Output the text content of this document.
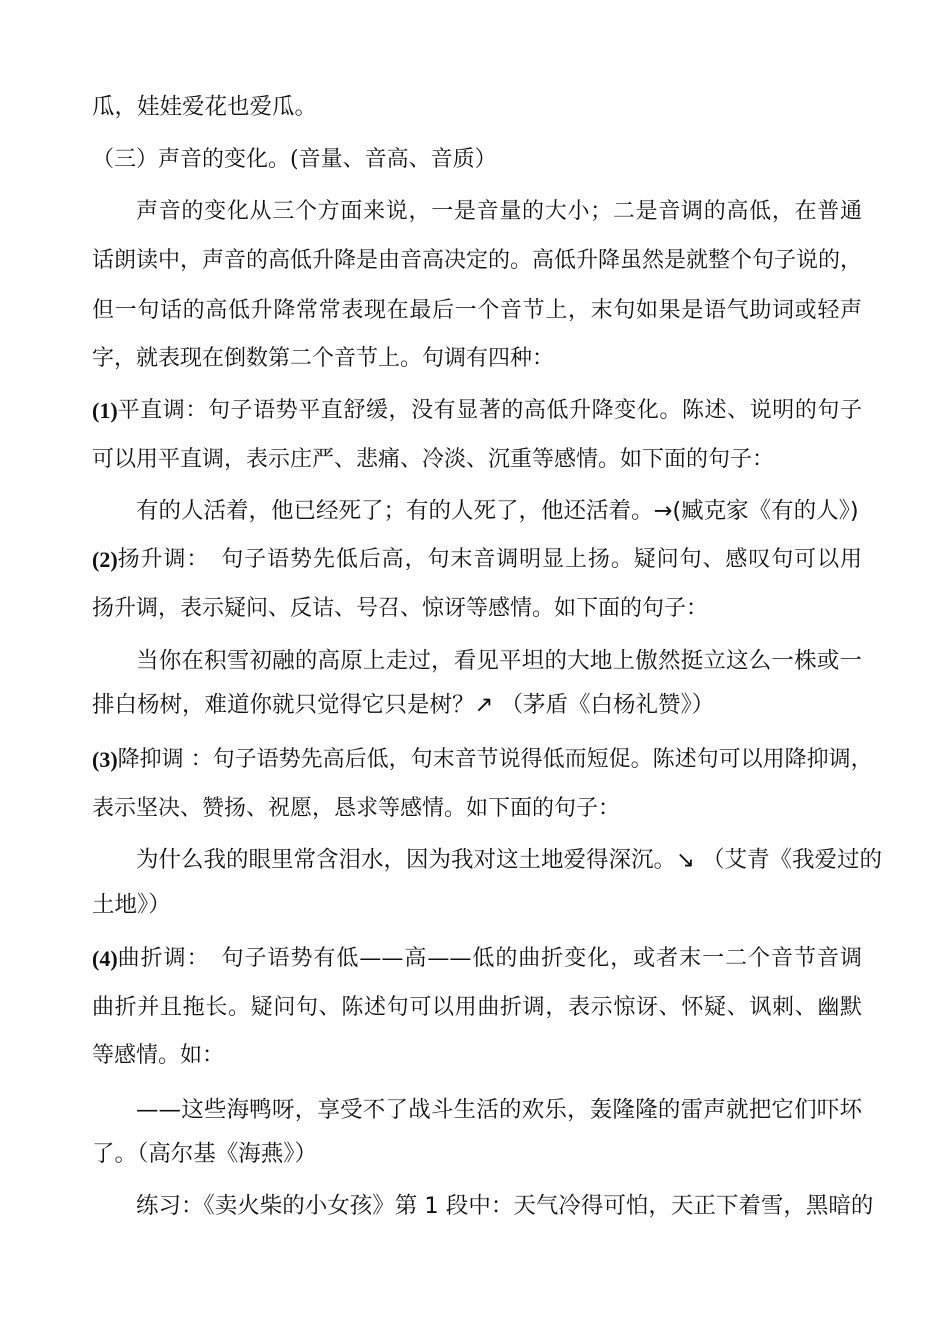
瓜，娃娃爱花也爱瓜。
（三）声音的变化。(音量、音高、音质）
声音的变化从三个方面来说，一是音量的大小；二是音调的高低，在普通
话朗读中，声音的高低升降是由音高决定的。高低升降虽然是就整个句子说的，
但一句话的高低升降常常表现在最后一个音节上，末句如果是语气助词或轻声
字，就表现在倒数第二个音节上。句调有四种：
(1) 平直调：句子语势平直舒缓，没有显著的高低升降变化。陈述、说明的句子
可以用平直调，表示庄严、悲痛、冷淡、沉重等感情。如下面的句子：
有的人活着，他已经死了；有的人死了，他还活着。→(臧克家《有的人》)
(2) 扬升调：　句子语势先低后高，句末音调明显上扬。疑问句、感叹句可以用
扬升调，表示疑问、反诘、号召、惊讶等感情。如下面的句子：
当你在积雪初融的高原上走过，看见平坦的大地上傲然挺立这么一株或一
排白杨树，难道你就只觉得它只是树？↗ （茅盾《白杨礼赞》）
(3) 降抑调 ：句子语势先高后低，句末音节说得低而短促。陈述句可以用降抑调，
表示坚决、赞扬、祝愿，恳求等感情。如下面的句子：
为什么我的眼里常含泪水，因为我对这土地爱得深沉。↘ （艾青《我爱过的
土地》）
(4) 曲折调：　句子语势有低——高——低的曲折变化，或者末一二个音节音调
曲折并且拖长。疑问句、陈述句可以用曲折调，表示惊讶、怀疑、讽刺、幽默
等感情。如：
——这些海鸭呀，享受不了战斗生活的欢乐，轰隆隆的雷声就把它们吓坏
了。（高尔基《海燕》）
练习：《卖火柴的小女孩》第 1 段中：天气冷得可怕，天正下着雪，黑暗的
